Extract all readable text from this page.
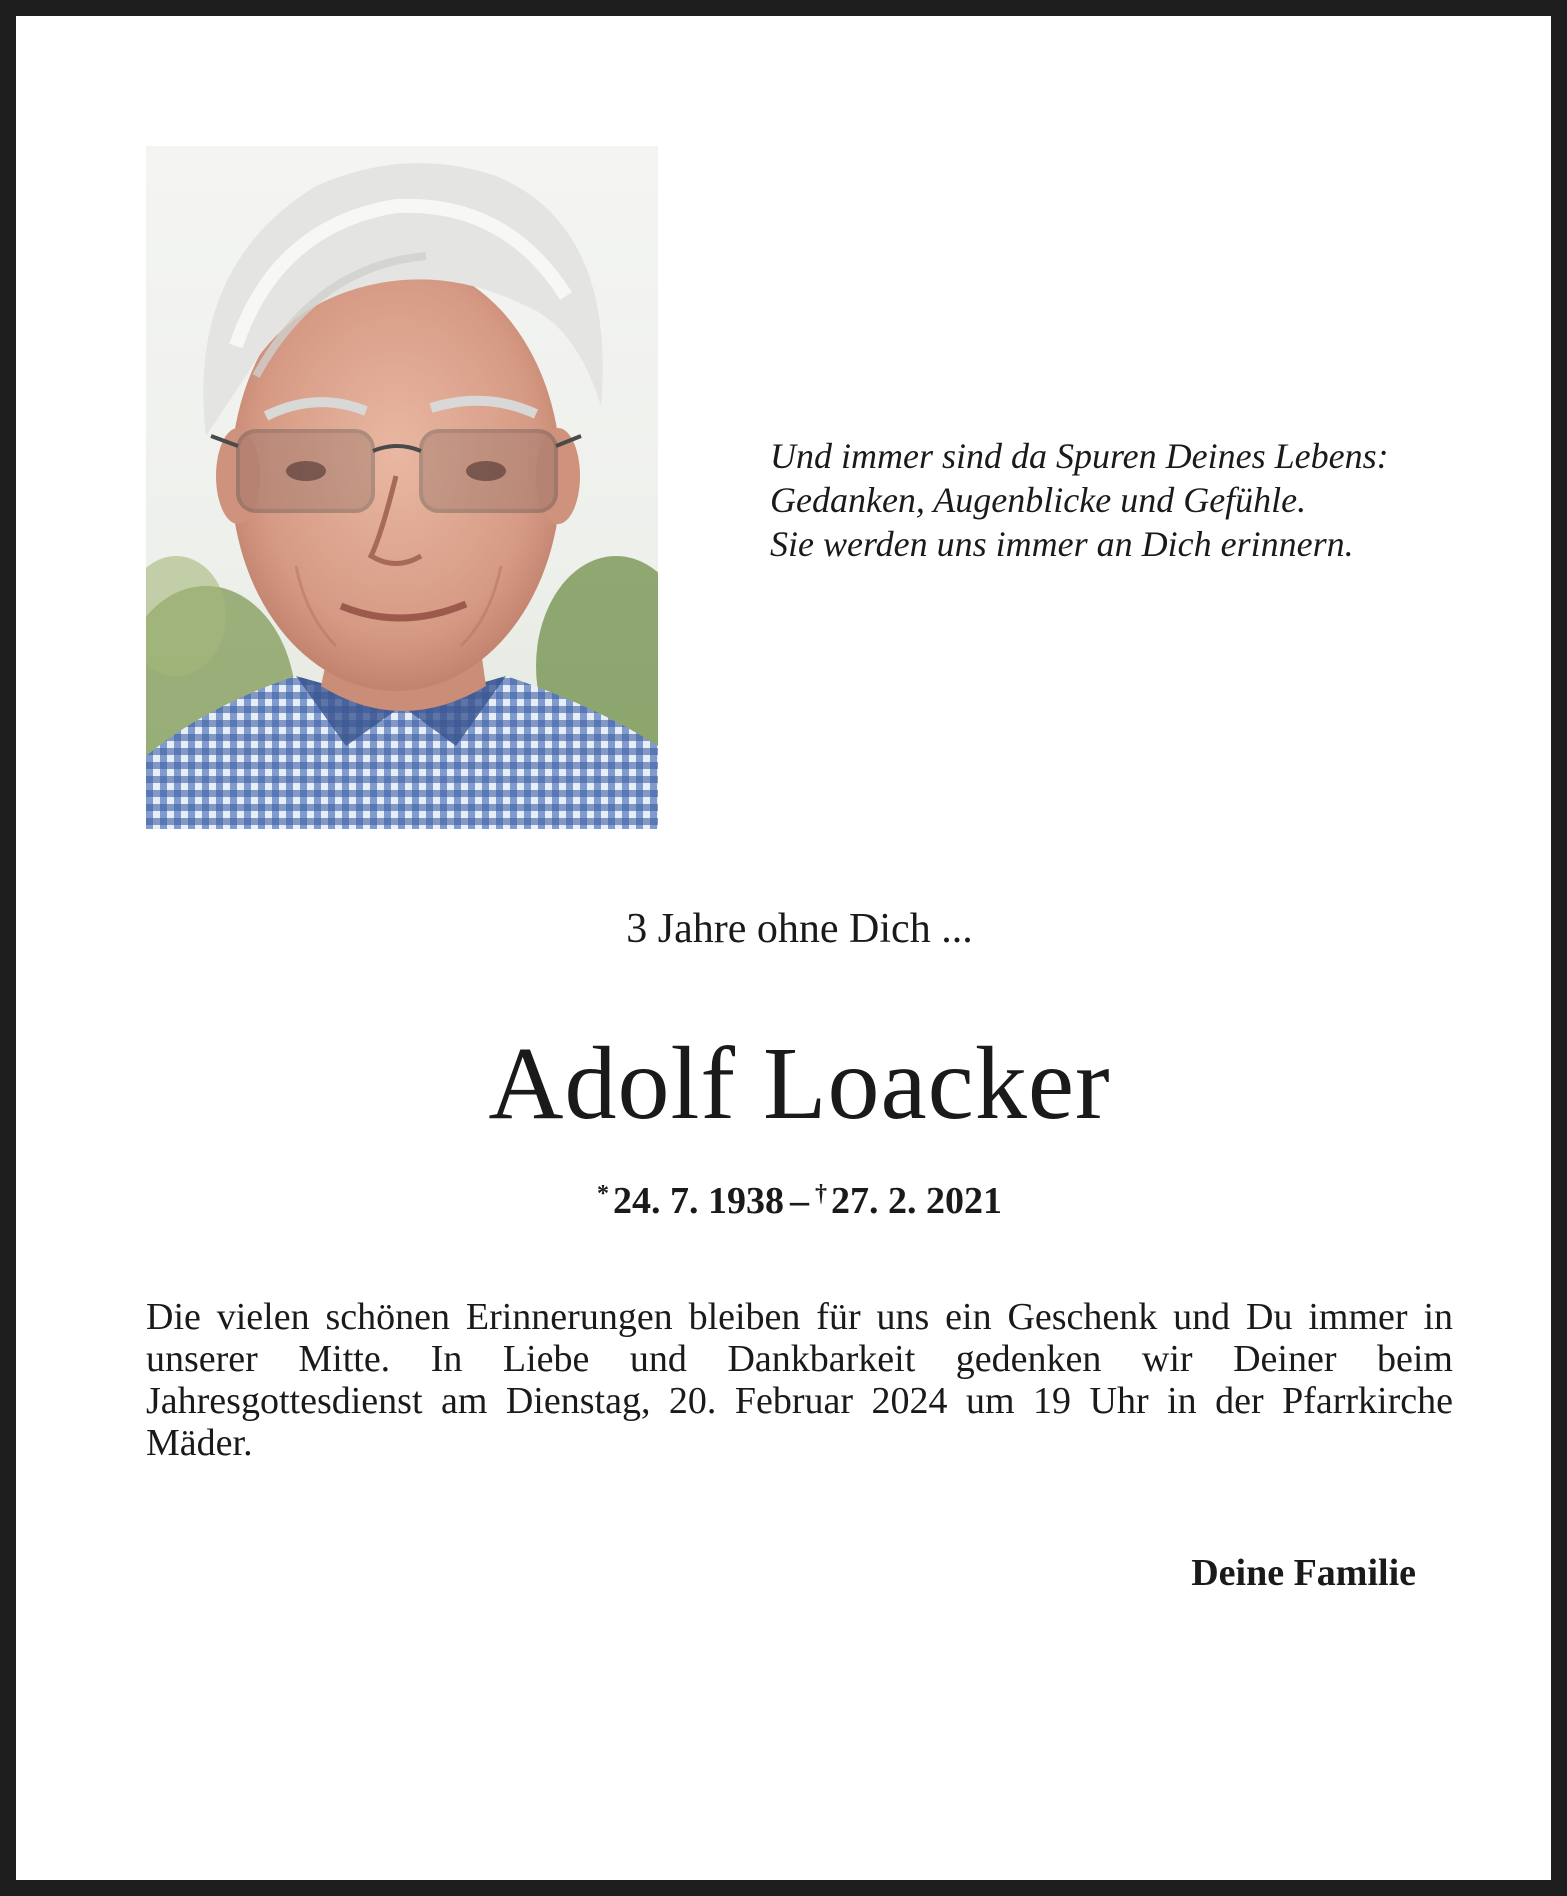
Und immer sind da Spuren Deines Lebens:
Gedanken, Augenblicke und Gefühle.
Sie werden uns immer an Dich erinnern.
3 Jahre ohne Dich ...
Adolf Loacker
* 24. 7. 1938 – † 27. 2. 2021
Die vielen schönen Erinnerungen bleiben für uns ein Geschenk und Du immer in unserer Mitte. In Liebe und Dankbarkeit gedenken wir Deiner beim Jahresgottesdienst am Dienstag, 20. Februar 2024 um 19 Uhr in der Pfarrkirche Mäder.
Deine Familie
